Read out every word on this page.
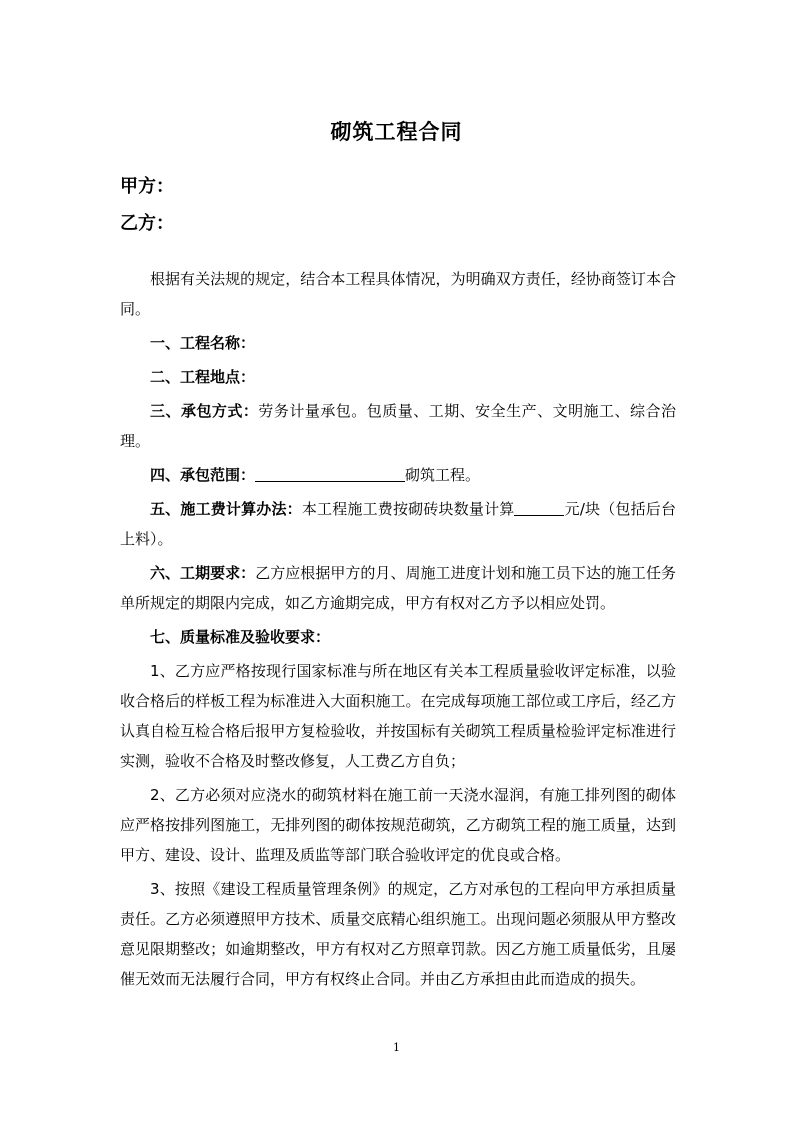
砌筑工程合同
甲方：
乙方：

根据有关法规的规定，结合本工程具体情况，为明确双方责任，经协商签订本合同。

一、工程名称：

二、工程地点：

三、承包方式：劳务计量承包。包质量、工期、安全生产、文明施工、综合治理。

四、承包范围：	砌筑工程。

五、施工费计算办法：本工程施工费按砌砖块数量计算	元/块（包括后台上料）。

六、工期要求：乙方应根据甲方的月、周施工进度计划和施工员下达的施工任务 单所规定的期限内完成，如乙方逾期完成，甲方有权对乙方予以相应处罚。

七、质量标准及验收要求：

1、乙方应严格按现行国家标准与所在地区有关本工程质量验收评定标准，以验收合格后的样板工程为标准进入大面积施工。在完成每项施工部位或工序后，经乙方认真自检互检合格后报甲方复检验收，并按国标有关砌筑工程质量检验评定标准进行实测，验收不合格及时整改修复，人工费乙方自负；

2、乙方必须对应浇水的砌筑材料在施工前一天浇水湿润，有施工排列图的砌体应严格按排列图施工，无排列图的砌体按规范砌筑，乙方砌筑工程的施工质量，达到甲方、建设、设计、监理及质监等部门联合验收评定的优良或合格。

3、按照《建设工程质量管理条例》的规定，乙方对承包的工程向甲方承担质量责任。乙方必须遵照甲方技术、质量交底精心组织施工。出现问题必须服从甲方整改意见限期整改；如逾期整改，甲方有权对乙方照章罚款。因乙方施工质量低劣，且屡催无效而无法履行合同，甲方有权终止合同。并由乙方承担由此而造成的损失。

1
